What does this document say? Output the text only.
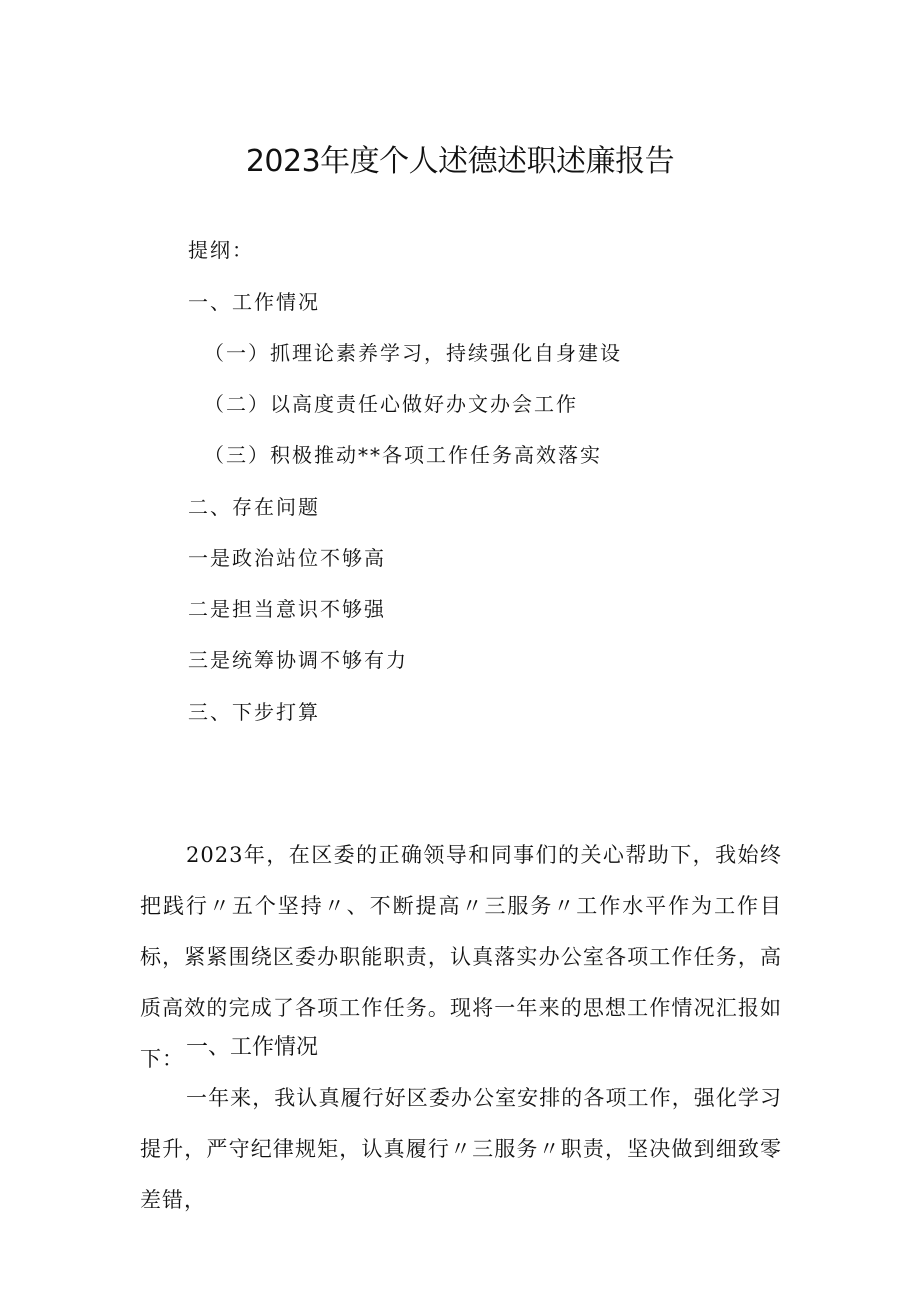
2023年度个人述德述职述廉报告
提纲：
一、工作情况
（一）抓理论素养学习，持续强化自身建设
（二）以高度责任心做好办文办会工作
（三）积极推动**各项工作任务高效落实
二、存在问题
一是政治站位不够高
二是担当意识不够强
三是统筹协调不够有力
三、下步打算

2023年，在区委的正确领导和同事们的关心帮助下，我始终把践行〃五个坚持〃、不断提高〃三服务〃工作水平作为工作目标，紧紧围绕区委办职能职责，认真落实办公室各项工作任务，高质高效的完成了各项工作任务。现将一年来的思想工作情况汇报如下： 一、工作情况

一年来，我认真履行好区委办公室安排的各项工作，强化学习提升，严守纪律规矩，认真履行〃三服务〃职责，坚决做到细致零差错，
